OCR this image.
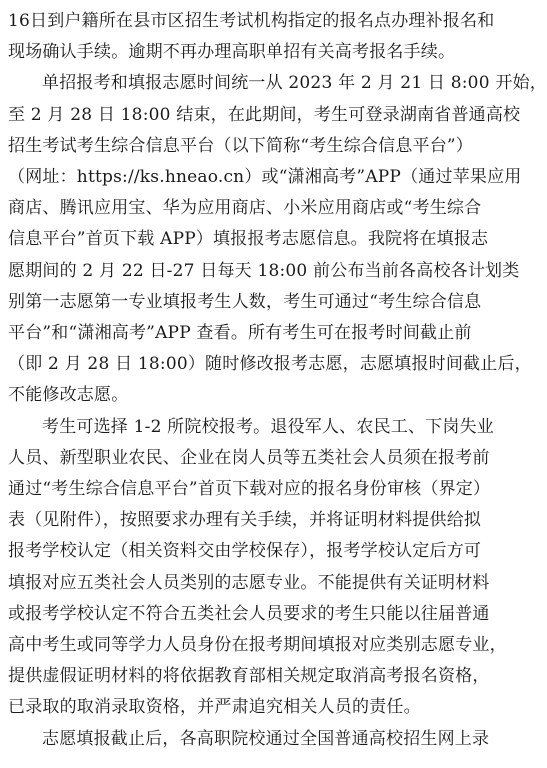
16日到户籍所在县市区招生考试机构指定的报名点办理补报名和
现场确认手续。逾期不再办理高职单招有关高考报名手续。
单招报考和填报志愿时间统一从 2023 年 2 月 21 日 8:00 开始，
至 2 月 28 日 18:00 结束，在此期间，考生可登录湖南省普通高校
招生考试考生综合信息平台（以下简称“考生综合信息平台”）
（网址：https://ks.hneao.cn）或“潇湘高考”APP（通过苹果应用
商店、腾讯应用宝、华为应用商店、小米应用商店或“考生综合
信息平台”首页下载 APP）填报报考志愿信息。我院将在填报志
愿期间的 2 月 22 日-27 日每天 18:00 前公布当前各高校各计划类
别第一志愿第一专业填报考生人数，考生可通过“考生综合信息
平台”和“潇湘高考”APP 查看。所有考生可在报考时间截止前
（即 2 月 28 日 18:00）随时修改报考志愿，志愿填报时间截止后，
不能修改志愿。
考生可选择 1-2 所院校报考。退役军人、农民工、下岗失业
人员、新型职业农民、企业在岗人员等五类社会人员须在报考前
通过“考生综合信息平台”首页下载对应的报名身份审核（界定）
表（见附件），按照要求办理有关手续，并将证明材料提供给拟
报考学校认定（相关资料交由学校保存），报考学校认定后方可
填报对应五类社会人员类别的志愿专业。不能提供有关证明材料
或报考学校认定不符合五类社会人员要求的考生只能以往届普通
高中考生或同等学力人员身份在报考期间填报对应类别志愿专业，
提供虚假证明材料的将依据教育部相关规定取消高考报名资格，
已录取的取消录取资格，并严肃追究相关人员的责任。
志愿填报截止后，各高职院校通过全国普通高校招生网上录
